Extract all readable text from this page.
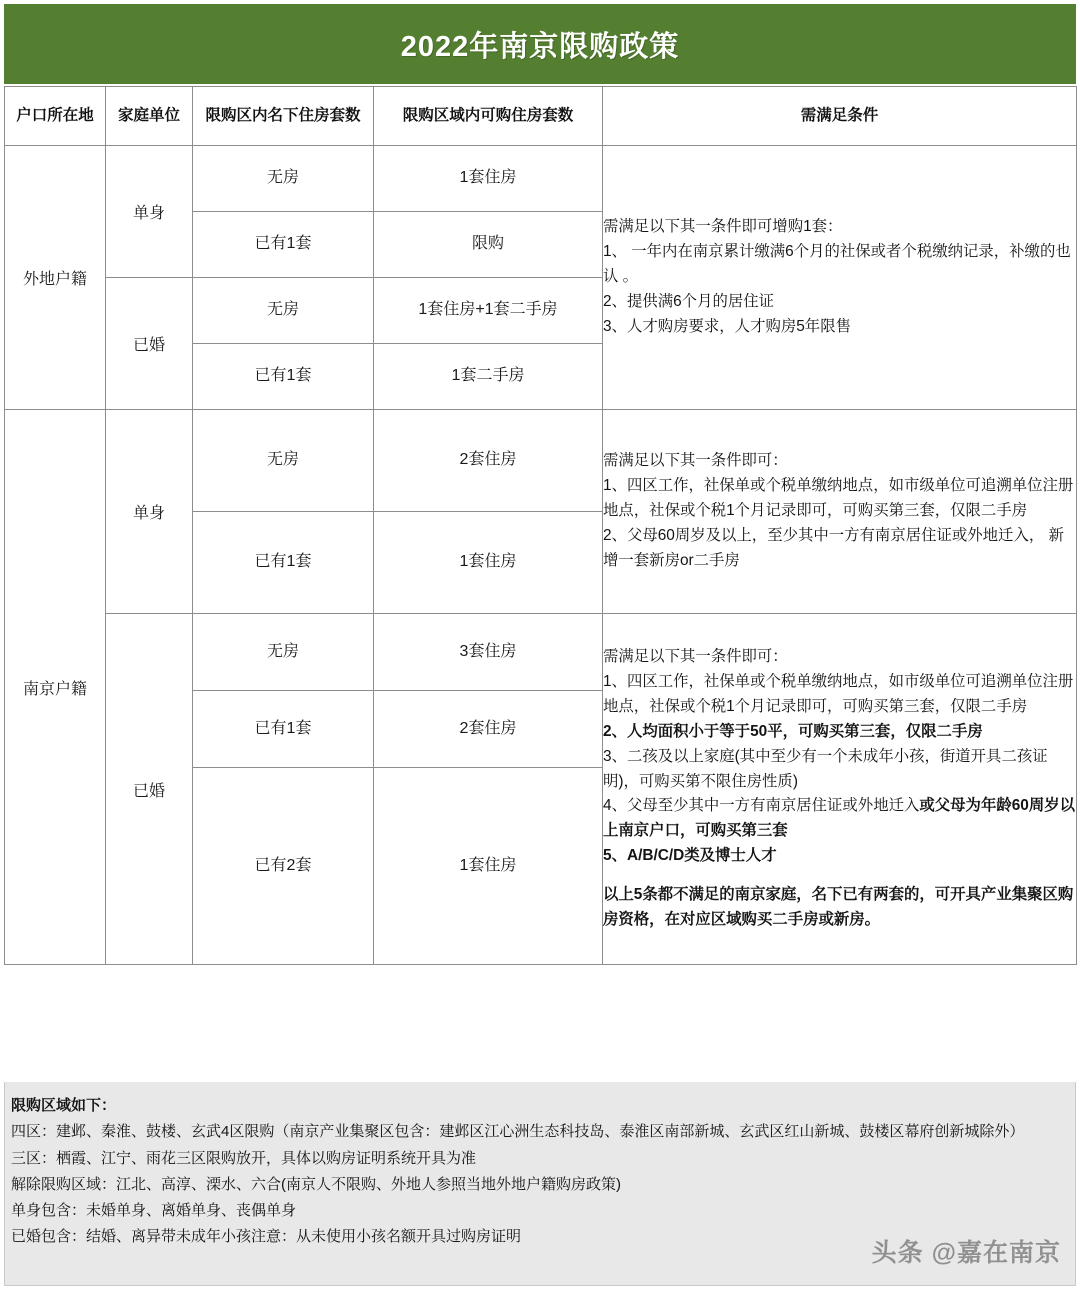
2022年南京限购政策
户口所在地	家庭单位	限购区内名下住房套数	限购区域内可购住房套数	需满足条件
外地户籍	单身	无房	1套住房	需满足以下其一条件即可增购1套：

1、 一年内在南京累计缴满6个月的社保或者个税缴纳记录，补缴的也认 。

2、提供满6个月的居住证

3、人才购房要求，人才购房5年限售

		已有1套	限购	
	已婚	无房	1套住房+1套二手房	
		已有1套	1套二手房	
南京户籍	单身	无房	2套住房	需满足以下其一条件即可：

1、四区工作，社保单或个税单缴纳地点，如市级单位可追溯单位注册地点，社保或个税1个月记录即可，可购买第三套，仅限二手房

2、父母60周岁及以上，至少其中一方有南京居住证或外地迁入， 新增一套新房or二手房

		已有1套	1套住房	
已婚	无房	3套住房	需满足以下其一条件即可：

1、四区工作，社保单或个税单缴纳地点，如市级单位可追溯单位注册地点，社保或个税1个月记录即可，可购买第三套，仅限二手房

2、人均面积小于等于50平，可购买第三套，仅限二手房

3、二孩及以上家庭(其中至少有一个未成年小孩，街道开具二孩证明)，可购买第不限住房性质)

4、父母至少其中一方有南京居住证或外地迁入或父母为年龄60周岁以上南京户口，可购买第三套

5、A/B/C/D类及博士人才

以上5条都不满足的南京家庭，名下已有两套的，可开具产业集聚区购房资格，在对应区域购买二手房或新房。

		已有1套	2套住房	
		已有2套	1套住房	

限购区域如下：

四区：建邺、秦淮、鼓楼、玄武4区限购（南京产业集聚区包含：建邺区江心洲生态科技岛、泰淮区南部新城、玄武区红山新城、鼓楼区幕府创新城除外）

三区：栖霞、江宁、雨花三区限购放开，具体以购房证明系统开具为准

解除限购区域：江北、高淳、溧水、六合(南京人不限购、外地人参照当地外地户籍购房政策)

单身包含：未婚单身、离婚单身、丧偶单身

已婚包含：结婚、离异带未成年小孩注意：从未使用小孩名额开具过购房证明

头条 @嘉在南京
